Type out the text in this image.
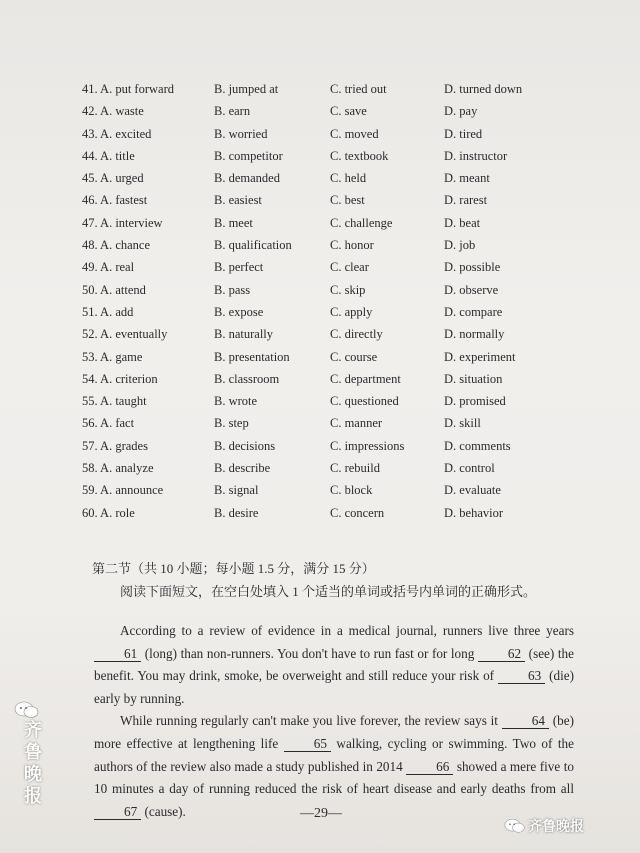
41. A. put forward	B. jumped at	C. tried out	D. turned down
42. A. waste	B. earn	C. save	D. pay
43. A. excited	B. worried	C. moved	D. tired
44. A. title	B. competitor	C. textbook	D. instructor
45. A. urged	B. demanded	C. held	D. meant
46. A. fastest	B. easiest	C. best	D. rarest
47. A. interview	B. meet	C. challenge	D. beat
48. A. chance	B. qualification	C. honor	D. job
49. A. real	B. perfect	C. clear	D. possible
50. A. attend	B. pass	C. skip	D. observe
51. A. add	B. expose	C. apply	D. compare
52. A. eventually	B. naturally	C. directly	D. normally
53. A. game	B. presentation	C. course	D. experiment
54. A. criterion	B. classroom	C. department	D. situation
55. A. taught	B. wrote	C. questioned	D. promised
56. A. fact	B. step	C. manner	D. skill
57. A. grades	B. decisions	C. impressions	D. comments
58. A. analyze	B. describe	C. rebuild	D. control
59. A. announce	B. signal	C. block	D. evaluate
60. A. role	B. desire	C. concern	D. behavior
第二节（共 10 小题；每小题 1.5 分，满分 15 分）
阅读下面短文，在空白处填入 1 个适当的单词或括号内单词的正确形式。

According to a review of evidence in a medical journal, runners live three years 61 (long) than non-runners. You don't have to run fast or for long 62 (see) the benefit. You may drink, smoke, be overweight and still reduce your risk of 63 (die) early by running.

While running regularly can't make you live forever, the review says it 64 (be) more effective at lengthening life 65 walking, cycling or swimming. Two of the authors of the review also made a study published in 2014 66 showed a mere five to 10 minutes a day of running reduced the risk of heart disease and early deaths from all 67 (cause).	—29—
齐鲁晚报
齐鲁晚报
